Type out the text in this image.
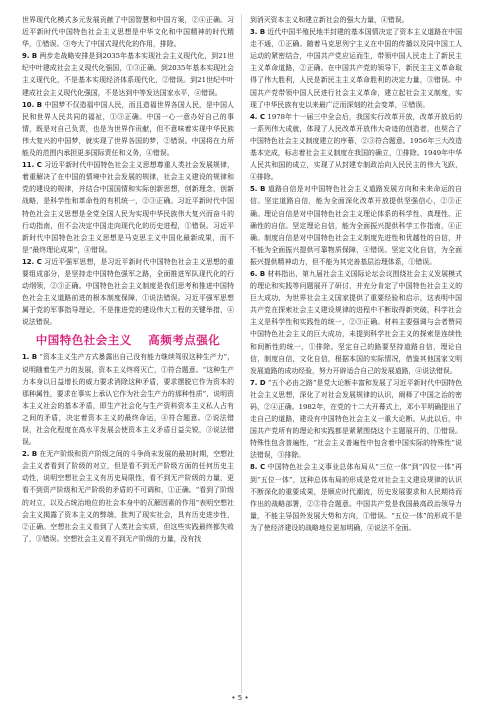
世界现代化模式多元发展贡献了中国智慧和中国方案，②④正确。习近平新时代中国特色社会主义思想是中华文化和中国精神的时代精华，①错误。③夸大了中国式现代化的作用，排除。

9. B 两步走战略安排是到2035年基本实现社会主义现代化，到21世纪中叶建成社会主义现代化强国，①③正确。到2035年基本实现社会主义现代化，不是基本实现经济体系现代化，②错误。到21世纪中叶建成社会主义现代化强国，不是达到中等发达国家水平，④错误。

10. B 中国梦不仅造福中国人民，而且造福世界各国人民，是中国人民和世界人民共同的福祉，①③正确。中国一心一意办好自己的事情，既是对自己负责，也是为世界作贡献，但不意味着实现中华民族伟大复兴的中国梦，就实现了世界各国的梦，②错误。中国将在力所能及的范围内承担更多国际责任和义务，④错误。

11. C 习近平新时代中国特色社会主义思想尊重人类社会发展规律，着重解决了在中国的情境中社会发展的规律，社会主义建设的规律和党的建设的规律，并结合中国国情和实际创新思想，创新理念，创新战略，是科学性和革命性的有机统一，②③正确。习近平新时代中国特色社会主义思想是全党全国人民为实现中华民族伟大复兴而奋斗的行动指南，但不会决定中国走向现代化的历史进程，①错误。习近平新时代中国特色社会主义思想是马克思主义中国化最新成果，而不是“最终理论成果”，④错误。

12. C 习近平强军思想，是习近平新时代中国特色社会主义思想的重要组成部分，是坚持走中国特色强军之路，全面推进军队现代化的行动纲领，②③正确。中国特色社会主义制度是我们思考和推进中国特色社会主义道路前进的根本制度保障，①说法错误。习近平强军思想属于党的军事指导理论，不是推进党的建设伟大工程的关键举措，④说法错误。

中国特色社会主义 高频考点强化

1. B “资本主义生产方式暴露出自己没有能力继续驾驭这种生产力”，说明随着生产力的发展，资本主义终将灭亡，①符合题意。“这种生产力本身以日益增长的威力要求消除这种矛盾，要求摆脱它作为资本的那种属性，要求在事实上承认它作为社会生产力的那种性质”，说明资本主义社会的基本矛盾，即生产社会化与生产资料资本主义私人占有之间的矛盾，决定着资本主义的最终命运，④符合题意。②说法错误，社会化程度在高水平发展会使资本主义矛盾日益尖锐，③说法错误。

2. B 在无产阶级和资产阶级之间的斗争尚未发展的最初时期，空想社会主义者看到了阶级的对立，但是看不到无产阶级方面的任何历史主动性，说明空想社会主义有历史局限性，看不到无产阶级的力量，更看不到资产阶级和无产阶级的矛盾的不可调和，①正确。“看到了阶级的对立，以及占统治地位的社会本身中的瓦解因素的作用”表明空想社会主义揭露了资本主义的弊端，批判了现实社会，具有历史进步性，②正确。空想社会主义看到了人类社会实质，但这些实践最终都失败了，③错误。空想社会主义看不到无产阶级的力量，没有找

到消灭资本主义和建立新社会的强大力量，④错误。

3. B 近代中国半殖民地半封建的基本国情决定了资本主义道路在中国走不通，①正确。随着马克思列宁主义在中国的传播以及同中国工人运动的紧密结合，中国共产党应运而生，带领中国人民走上了新民主主义革命道路，②正确。在中国共产党的领导下，新民主主义革命取得了伟大胜利，人民是新民主主义革命胜利的决定力量，③错误。中国共产党带领中国人民进行社会主义革命，建立起社会主义制度，实现了中华民族有史以来最广泛而深刻的社会变革，④错误。

4. C 1978年十一届三中全会后，我国实行改革开放，改革开放后的一系列伟大成就，体现了人民改革开放伟大奇迹的创造者，也契合了中国特色社会主义制度建立的序幕，②③符合题意。1956年三大改造基本完成，标志着社会主义制度在我国的确立，①排除。1949年中华人民共和国的成立，实现了从封建专制政治向人民民主的伟大飞跃，④排除。

5. B 道路自信是对中国特色社会主义道路发展方向和未来命运的自信。坚定道路自信，能为全面深化改革开放提供坚强信心，②③正确。理论自信是对中国特色社会主义理论体系的科学性、真理性、正确性的自信。坚定理论自信，能为全面振兴提供科学工作指南，④正确。制度自信是对中国特色社会主义制度先进性和优越性的自信，并不能为全面振兴提供可靠物质保障，④错误。坚定文化自信，为全面振兴提供精神动力，但不能为其完善基层治理体系，①错误。

6. B 材料指出，第九届社会主义国际论坛会议围绕社会主义发展模式的理论和实践等问题展开了研讨，并充分肯定了中国特色社会主义的巨大成功，为世界社会主义国家提供了重要经验和启示，这表明中国共产党在探索社会主义建设规律的进程中不断取得新突破，科学社会主义是科学性和实践性的统一，②③正确。材料主要强调与会者赞同中国特色社会主义的巨大成功，未提到科学社会主义的探索是连续性和间断性的统一，①排除。坚定自己的路要坚持道路自信，理论自信，制度自信，文化自信，根据本国的实际情况，借鉴其他国家文明发展道路的成功经验，努力开辟适合自己的发展道路，④说法错误。

7. D “五个必由之路”是党大论断丰富和发展了习近平新时代中国特色社会主义思想，深化了对社会发展规律的认识，阐释了中国之治的密码，②④正确。1982年，在党的十二大开幕式上，邓小平明确提出了走自己的道路，建设有中国特色社会主义一重大论断。从此以后，中国共产党所有的理论和实践都是紧紧围绕这个主题展开的，①错误。特殊性包含普遍性，“社会主义普遍性中包含着中国实际的特殊性”说法错误，③排除。

8. C 中国特色社会主义事业总体布局从“三位一体”到“四位一体”再到“五位一体”，这种总体布局的形成是党对社会主义建设规律的认识不断深化的重要成果，是顺应时代潮流，历史发展要求和人民期待而作出的战略部署，②③符合题意。中国共产党是我国最高政治领导力量，不能主导国外发展大势和方向，①错误。“五位一体”的形成不是为了使经济建设的战略地位更加明确，④说法不全面。

• 5 •
